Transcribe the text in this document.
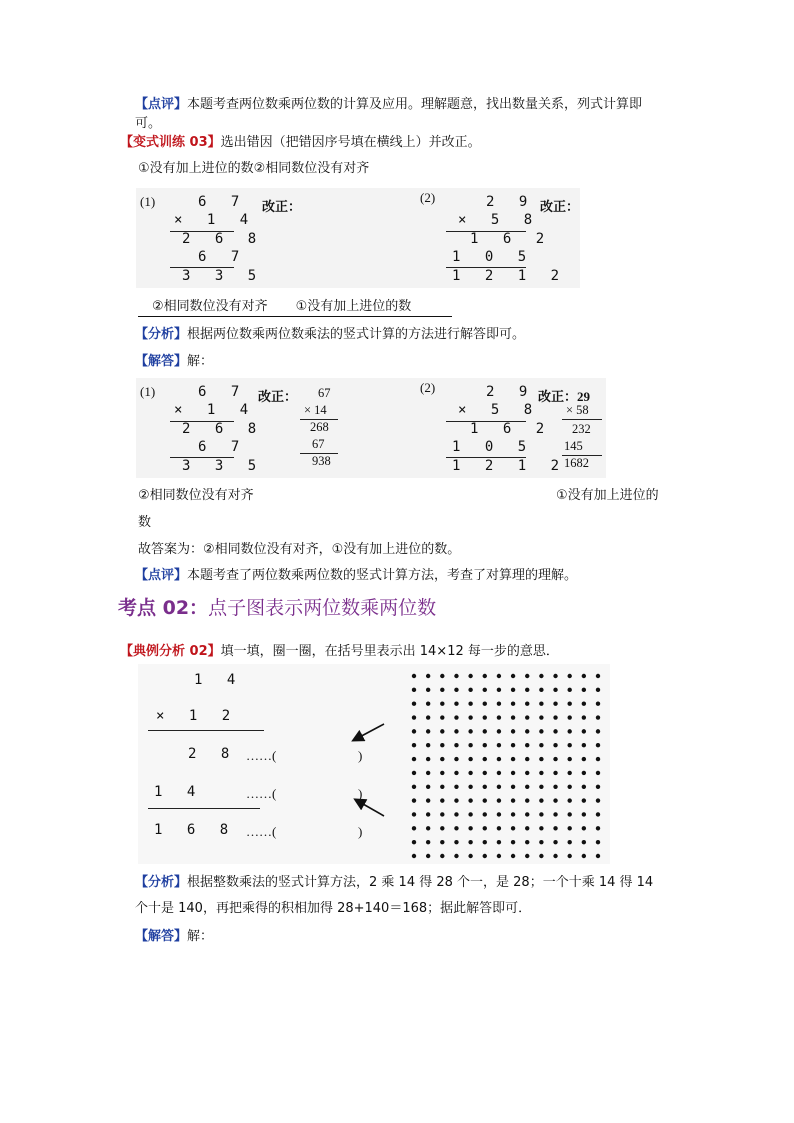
【点评】本题考查两位数乘两位数的计算及应用。理解题意，找出数量关系，列式计算即
可。
【变式训练 03】选出错因（把错因序号填在横线上）并改正。
①没有加上进位的数②相同数位没有对齐
(1)	6 7
× 1 4
2 6 8
6 7
3 3 5
改正：
(2)	2 9
× 5 8
1 6 2
1 0 5
1 2 1 2
改正：
②相同数位没有对齐 ①没有加上进位的数
【分析】根据两位数乘两位数乘法的竖式计算的方法进行解答即可。
【解答】解：
(1)	6 7
× 1 4
2 6 8
6 7
3 3 5
改正： 67
× 14
268
67
938
(2)	2 9
× 5 8
1 6 2
1 0 5
1 2 1 2
改正：29
× 58
232
145
1682
②相同数位没有对齐	①没有加上进位的
数
故答案为：②相同数位没有对齐，①没有加上进位的数。
【点评】本题考查了两位数乘两位数的竖式计算方法，考查了对算理的理解。
考点 02：点子图表示两位数乘两位数
【典例分析 02】填一填，圈一圈，在括号里表示出 14×12 每一步的意思．
1 4
× 1 2
2 8 ……(	)
1 4	……(	)
1 6 8 ……(	)
【分析】根据整数乘法的竖式计算方法，2 乘 14 得 28 个一，是 28；一个十乘 14 得 14
个十是 140，再把乘得的积相加得 28+140＝168；据此解答即可．
【解答】解：
